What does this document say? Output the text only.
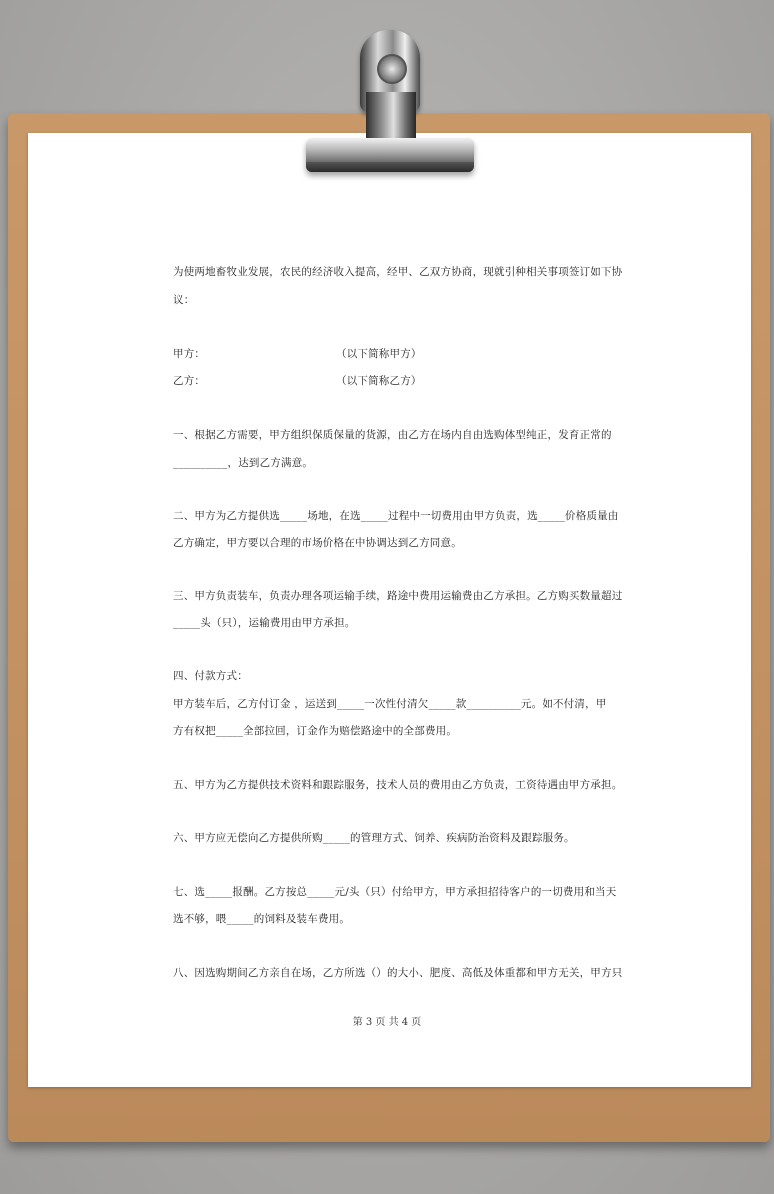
为使两地畜牧业发展，农民的经济收入提高，经甲、乙双方协商，现就引种相关事项签订如下协
议：
甲方：	（以下简称甲方）
乙方：	（以下简称乙方）
一、根据乙方需要，甲方组织保质保量的货源，由乙方在场内自由选购体型纯正，发育正常的
__________，达到乙方满意。
二、甲方为乙方提供选_____场地，在选_____过程中一切费用由甲方负责，选_____价格质量由
乙方确定，甲方要以合理的市场价格在中协调达到乙方同意。
三、甲方负责装车，负责办理各项运输手续，路途中费用运输费由乙方承担。乙方购买数量超过
_____头（只），运输费用由甲方承担。
四、付款方式：
甲方装车后，乙方付订金 ，运送到_____一次性付清欠_____款__________元。如不付清，甲
方有权把_____全部拉回，订金作为赔偿路途中的全部费用。
五、甲方为乙方提供技术资料和跟踪服务，技术人员的费用由乙方负责，工资待遇由甲方承担。
六、甲方应无偿向乙方提供所购_____的管理方式、饲养、疾病防治资料及跟踪服务。
七、选_____报酬。乙方按总_____元/头（只）付给甲方，甲方承担招待客户的一切费用和当天
选不够，喂_____的饲料及装车费用。
八、因选购期间乙方亲自在场，乙方所选（）的大小、肥度、高低及体重都和甲方无关，甲方只
第 3 页 共 4 页
